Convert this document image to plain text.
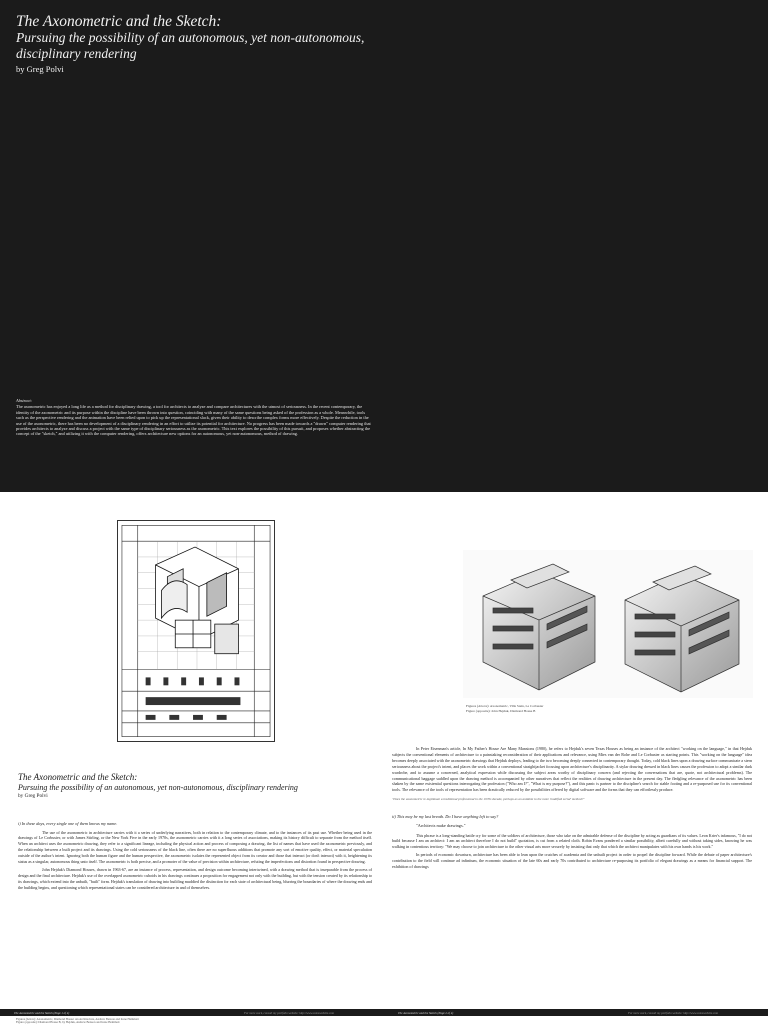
The Axonometric and the Sketch:
Pursuing the possibility of an autonomous, yet non-autonomous,
disciplinary rendering
by Greg Polvi
Abstract:
The axonometric has enjoyed a long life as a method for disciplinary drawing, a tool for architects to analyze and compare architectures with the utmost of seriousness. In the recent contemporary, the identity of the axonometric and its purpose within the discipline have been thrown into question, coinciding with many of the same questions being asked of the profession as a whole. Meanwhile, tools such as the perspective rendering and the animation have been relied upon to pick up the representational slack, given their ability to describe complex forms more effectively. Despite the reduction in the use of the axonometric, there has been no development of a disciplinary rendering in an effort to utilize its potential for architecture. No progress has been made towards a "drawn" computer rendering that provides architects to analyze and discuss a project with the same type of disciplinary seriousness as the axonometric. This text explores the possibility of this pursuit, and proposes whether abstracting the concept of the "sketch," and utilizing it with the computer rendering, offers architecture new options for an autonomous, yet non-autonomous, method of drawing.
Figures (Above): Axonometric, Villa Stein, Le Corbusier
Figure (opposite): John Hejduk, Diamond House B
The Axonometric and the Sketch:
Pursuing the possibility of an autonomous, yet non-autonomous, disciplinary rendering
by Greg Polvi
i) In these days, every single one of them knows my name.

The use of the axonometric in architecture carries with it a series of underlying narratives, both in relation to the contemporary climate, and to the instances of its past use. Whether being used in the drawings of Le Corbusier, or with James Stirling, or the New York Five in the early 1970s, the axonometric carries with it a long series of associations, making its history difficult to separate from the method itself. When an architect uses the axonometric drawing, they refer to a significant lineage, including the physical action and process of composing a drawing, the list of names that have used the axonometric previously, and the relationship between a built project and its drawings. Using the cold seriousness of the black line, often there are no superfluous additions that promote any sort of emotive quality, effect, or material speculation outside of the author's intent. Ignoring both the human figure and the human perspective, the axonometric isolates the represented object from its creator and those that interact (or don't interact) with it, heightening its status as a singular, autonomous thing unto itself. The axonometric is both precise, and a promoter of the value of precision within architecture, refuting the imperfections and distortion found in perspective drawing.

John Hejduk's Diamond Houses, drawn in 1963-67, are an instance of process, representation, and design outcome becoming intertwined, with a drawing method that is inseparable from the process of design and the final architecture. Hejduk's use of the overlapped axonometric cuboids in his drawings continues a proposition for engagement not only with the building, but with the tension created by its relationship to its drawings, which extend into the unbuilt, "built" form. Hejduk's translation of drawing into building muddied the distinction for each state of architectural being, blurring the boundaries of where the drawing ends and the building begins, and questioning which representational states can be considered architecture in and of themselves.

In Peter Eisenman's article, In My Father's House Are Many Mansions (1980), he refers to Hejduk's seven Texas Houses as being an instance of the architect "working on the language," in that Hejduk subjects the conventional elements of architecture to a painstaking reconsideration of their applications and relevance, using Mies van der Rohe and Le Corbusier as starting points. This "working on the language" idea becomes deeply associated with the axonometric drawings that Hejduk deploys, leading to the two becoming deeply connected in contemporary thought. Today, cold black lines upon a drawing surface communicate a stern seriousness about the project's intent, and places the work within a conventional straightjacket focusing upon architecture's disciplinarity. A stylar drawing dressed in black lines causes the profession to adopt a similar dark wardrobe, and to assume a concerned, analytical expression while discussing the subject areas worthy of disciplinary concern (and rejecting the conversations that are, quote, not architectural problems). The communicational baggage saddled upon the drawing method is accompanied by other narratives that reflect the realities of drawing architecture in the present day. The fledgling relevance of the axonometric has been shaken by the same existential questions interrogating the profession ("Who am I?", "What is my purpose?"), and this panic is partner to the discipline's search for stable footing and a re-purposed use for its conventional tools. The relevance of the tools of representation has been drastically reduced by the possibilities offered by digital software and the forms that they can effortlessly produce.

"Does the axonometric re-legitimate a traditional professional in the 1970s decade, perhaps as an antidote to the more 'modified serial' method?"
ii) This may be my last breath. Do I have anything left to say?
"Architects make drawings."

This phrase is a long-standing battle cry for some of the soldiers of architecture, those who take on the admirable defense of the discipline by acting as guardians of its values. Leon Krier's infamous, "I do not build because I am an architect: I am an architect therefore I do not build" quotation, is cut from a related cloth. Robin Evans pondered a similar possibility, albeit carefully and without taking sides, knowing he was walking in contentious territory: "We may choose to join architecture to the other visual arts more securely by insisting that only that which the architect manipulates with his own hands is his work."

In periods of economic downturn, architecture has been able to lean upon the crutches of academia and the unbuilt project in order to propel the discipline forward. While the debate of paper architecture's contribution to the field will continue ad infinitum, the economic situation of the late 60s and early 70s contributed to architecture re-purposing its portfolio of elegant drawings as a means for financial support. The exhibition of drawings

The Axonometric and the Sketch (Page 1 of 4)	For more work, consult my portfolio website: http://www.somewebsite.com	The Axonometric and the Sketch (Page 2 of 4)	For more work, consult my portfolio website: http://www.somewebsite.com
Figures (below): Axonometric, Diamond House: An Architecture, Andrew Benson and Irene Hemmati
Figure (opposite): Diamond House B, by Hejduk, Andrew Benson and Irene Hemmati
